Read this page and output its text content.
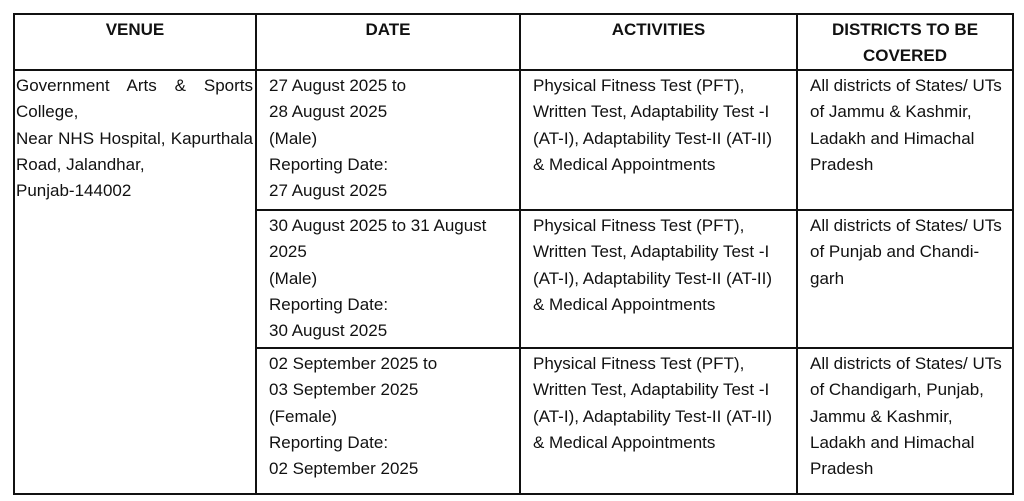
VENUE	DATE	ACTIVITIES	DISTRICTS TO BE
COVERED

Government Arts & Sports
College,
Near NHS Hospital, Kapurthala
Road, Jalandhar,
Punjab-144002	27 August 2025 to
28 August 2025
(Male)
Reporting Date:
27 August 2025	Physical Fitness Test (PFT),
Written Test, Adaptability Test -I
(AT-I), Adaptability Test-II (AT-II)
& Medical Appointments	All districts of States/ UTs
of Jammu & Kashmir,
Ladakh and Himachal
Pradesh

	30 August 2025 to 31 August
2025
(Male)
Reporting Date:
30 August 2025	Physical Fitness Test (PFT),
Written Test, Adaptability Test -I
(AT-I), Adaptability Test-II (AT-II)
& Medical Appointments	All districts of States/ UTs
of Punjab and Chandi-
garh

	02 September 2025 to
03 September 2025
(Female)
Reporting Date:
02 September 2025	Physical Fitness Test (PFT),
Written Test, Adaptability Test -I
(AT-I), Adaptability Test-II (AT-II)
& Medical Appointments	All districts of States/ UTs
of Chandigarh, Punjab,
Jammu & Kashmir,
Ladakh and Himachal
Pradesh
